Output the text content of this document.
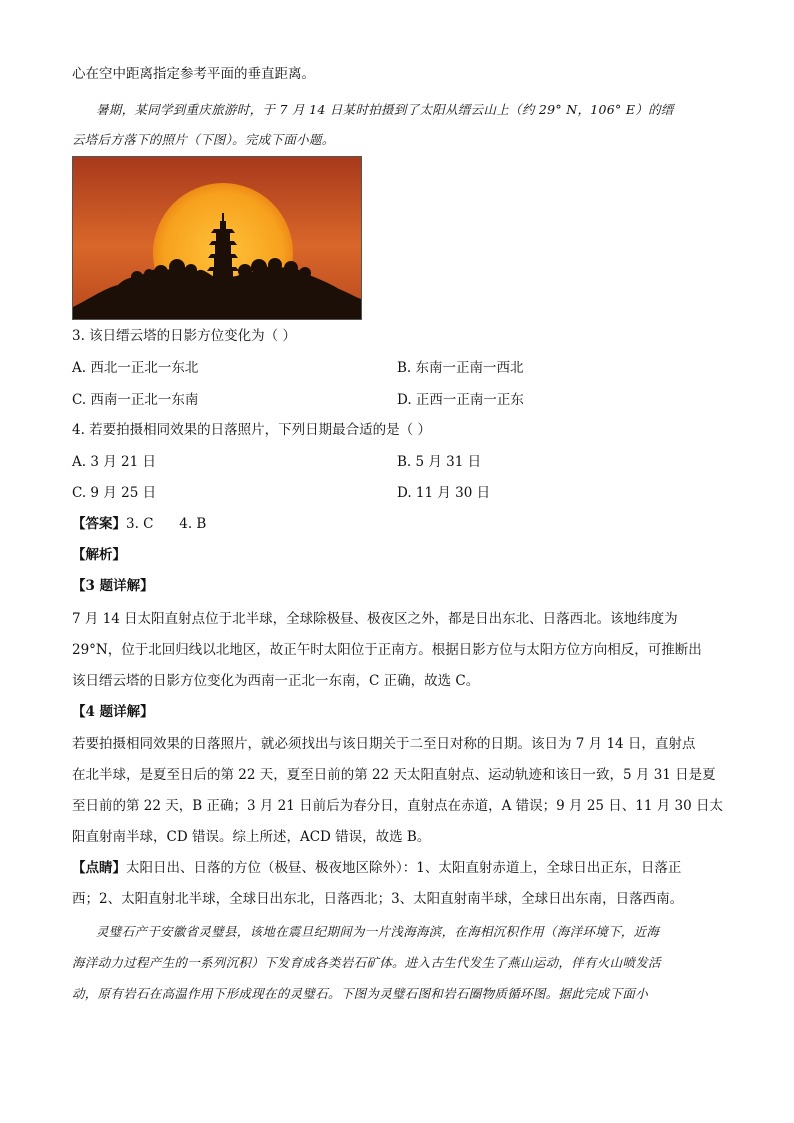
心在空中距离指定参考平面的垂直距离。
暑期，某同学到重庆旅游时，于 7 月 14 日某时拍摄到了太阳从缙云山上（约 29° N，106° E）的缙
云塔后方落下的照片（下图）。完成下面小题。
3. 该日缙云塔的日影方位变化为（ ）
A. 西北一正北一东北	B. 东南一正南一西北
C. 西南一正北一东南	D. 正西一正南一正东
4. 若要拍摄相同效果的日落照片，下列日期最合适的是（ ）
A. 3 月 21 日	B. 5 月 31 日
C. 9 月 25 日	D. 11 月 30 日
【答案】3. C      4. B
【解析】
【3 题详解】
7 月 14 日太阳直射点位于北半球，全球除极昼、极夜区之外，都是日出东北、日落西北。该地纬度为
29°N，位于北回归线以北地区，故正午时太阳位于正南方。根据日影方位与太阳方位方向相反，可推断出
该日缙云塔的日影方位变化为西南一正北一东南，C 正确，故选 C。
【4 题详解】
若要拍摄相同效果的日落照片，就必须找出与该日期关于二至日对称的日期。该日为 7 月 14 日，直射点
在北半球，是夏至日后的第 22 天，夏至日前的第 22 天太阳直射点、运动轨迹和该日一致，5 月 31 日是夏
至日前的第 22 天，B 正确；3 月 21 日前后为春分日，直射点在赤道，A 错误；9 月 25 日、11 月 30 日太
阳直射南半球，CD 错误。综上所述，ACD 错误，故选 B。
【点睛】太阳日出、日落的方位（极昼、极夜地区除外）：1、太阳直射赤道上，全球日出正东，日落正
西；2、太阳直射北半球，全球日出东北，日落西北；3、太阳直射南半球，全球日出东南，日落西南。
灵璧石产于安徽省灵璧县，该地在震旦纪期间为一片浅海海滨，在海相沉积作用（海洋环境下，近海
海洋动力过程产生的一系列沉积）下发育成各类岩石矿体。进入古生代发生了燕山运动，伴有火山喷发活
动，原有岩石在高温作用下形成现在的灵璧石。下图为灵璧石图和岩石圈物质循环图。据此完成下面小
